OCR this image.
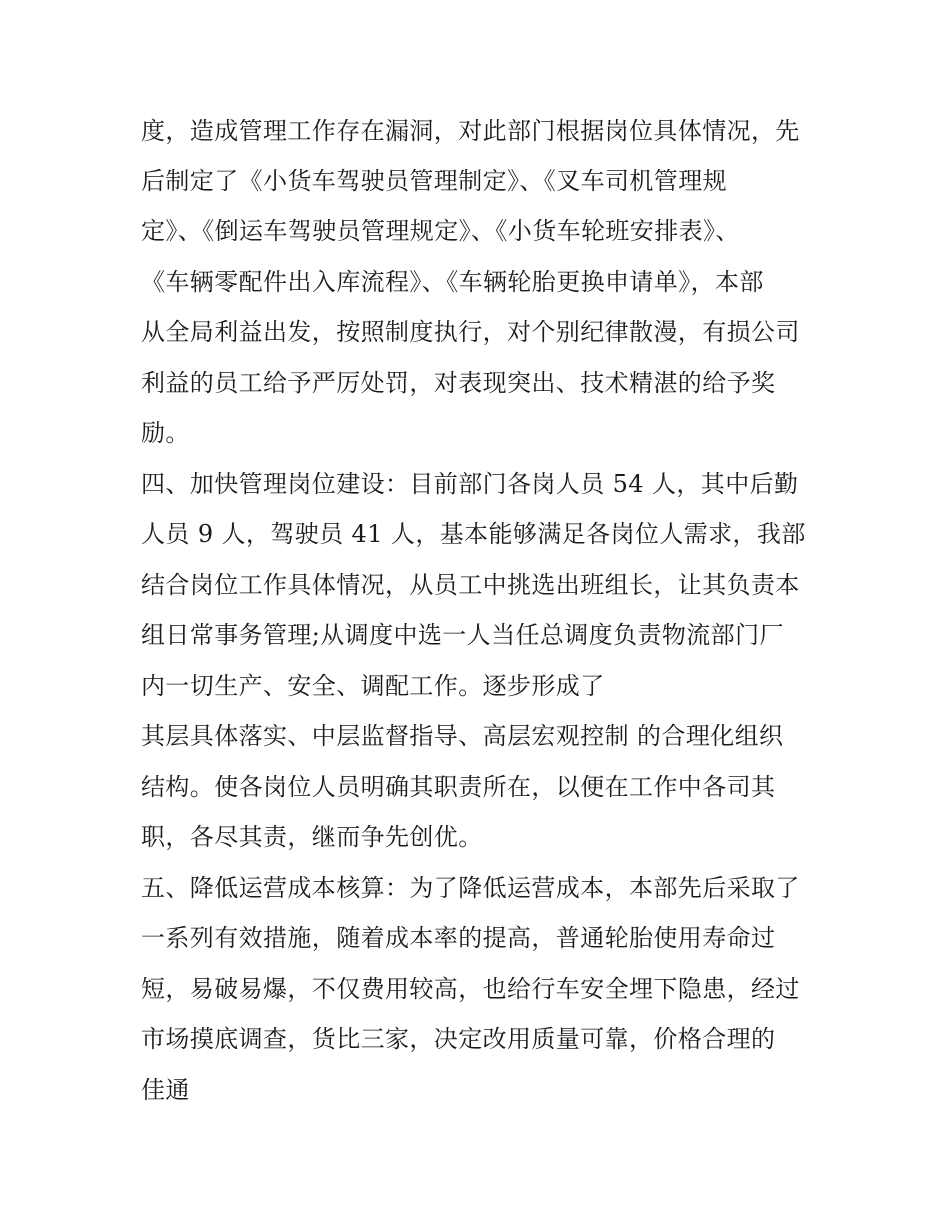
度，造成管理工作存在漏洞，对此部门根据岗位具体情况，先
后制定了《小货车驾驶员管理制定》、《叉车司机管理规
定》、《倒运车驾驶员管理规定》、《小货车轮班安排表》、
《车辆零配件出入库流程》、《车辆轮胎更换申请单》，本部
从全局利益出发，按照制度执行，对个别纪律散漫，有损公司
利益的员工给予严厉处罚，对表现突出、技术精湛的给予奖
励。
四、加快管理岗位建设：目前部门各岗人员 54 人，其中后勤
人员 9 人，驾驶员 41 人，基本能够满足各岗位人需求，我部
结合岗位工作具体情况，从员工中挑选出班组长，让其负责本
组日常事务管理;从调度中选一人当任总调度负责物流部门厂
内一切生产、安全、调配工作。逐步形成了
其层具体落实、中层监督指导、高层宏观控制 的合理化组织
结构。使各岗位人员明确其职责所在，以便在工作中各司其
职，各尽其责，继而争先创优。
五、降低运营成本核算：为了降低运营成本，本部先后采取了
一系列有效措施，随着成本率的提高，普通轮胎使用寿命过
短，易破易爆，不仅费用较高，也给行车安全埋下隐患，经过
市场摸底调查，货比三家，决定改用质量可靠，价格合理的
佳通
